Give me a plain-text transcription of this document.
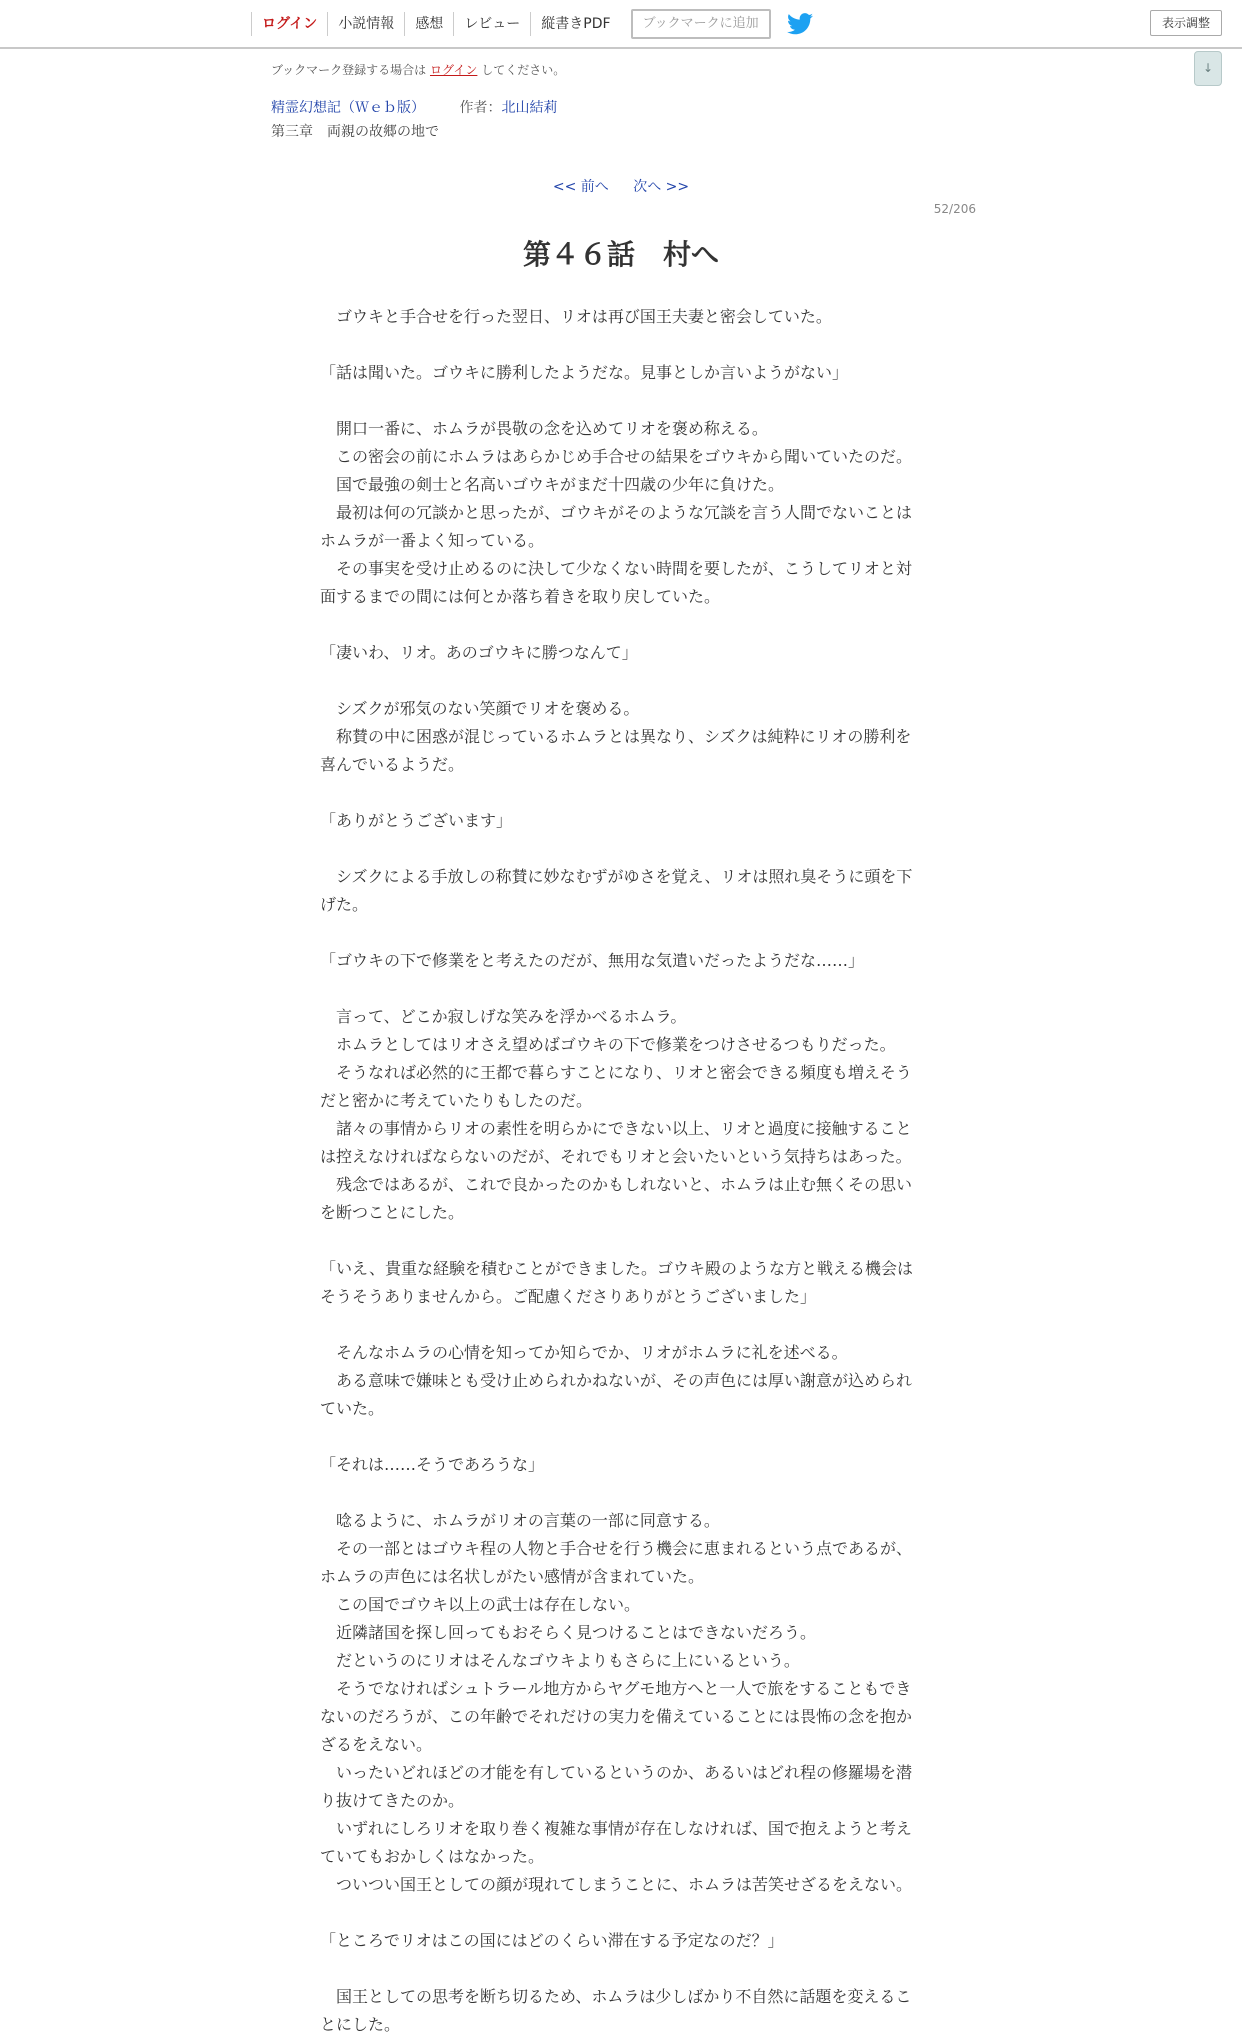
ログイン	小説情報	感想	レビュー	縦書きPDF	ブックマークに追加	表示調整
↓
ブックマーク登録する場合は ログイン してください。
精霊幻想記（Ｗｅｂ版） 作者：北山結莉
第三章　両親の故郷の地で
<< 前へ 次へ >>
52/206
第４６話　村へ
　ゴウキと手合せを行った翌日、リオは再び国王夫妻と密会していた。
「話は聞いた。ゴウキに勝利したようだな。見事としか言いようがない」
　開口一番に、ホムラが畏敬の念を込めてリオを褒め称える。
　この密会の前にホムラはあらかじめ手合せの結果をゴウキから聞いていたのだ。
　国で最強の剣士と名高いゴウキがまだ十四歳の少年に負けた。
　最初は何の冗談かと思ったが、ゴウキがそのような冗談を言う人間でないことはホムラが一番よく知っている。
　その事実を受け止めるのに決して少なくない時間を要したが、こうしてリオと対面するまでの間には何とか落ち着きを取り戻していた。
「凄いわ、リオ。あのゴウキに勝つなんて」
　シズクが邪気のない笑顔でリオを褒める。
　称賛の中に困惑が混じっているホムラとは異なり、シズクは純粋にリオの勝利を喜んでいるようだ。
「ありがとうございます」
　シズクによる手放しの称賛に妙なむずがゆさを覚え、リオは照れ臭そうに頭を下げた。
「ゴウキの下で修業をと考えたのだが、無用な気遣いだったようだな……」
　言って、どこか寂しげな笑みを浮かべるホムラ。
　ホムラとしてはリオさえ望めばゴウキの下で修業をつけさせるつもりだった。
　そうなれば必然的に王都で暮らすことになり、リオと密会できる頻度も増えそうだと密かに考えていたりもしたのだ。
　諸々の事情からリオの素性を明らかにできない以上、リオと過度に接触することは控えなければならないのだが、それでもリオと会いたいという気持ちはあった。
　残念ではあるが、これで良かったのかもしれないと、ホムラは止む無くその思いを断つことにした。
「いえ、貴重な経験を積むことができました。ゴウキ殿のような方と戦える機会はそうそうありませんから。ご配慮くださりありがとうございました」
　そんなホムラの心情を知ってか知らでか、リオがホムラに礼を述べる。
　ある意味で嫌味とも受け止められかねないが、その声色には厚い謝意が込められていた。
「それは……そうであろうな」
　唸るように、ホムラがリオの言葉の一部に同意する。
　その一部とはゴウキ程の人物と手合せを行う機会に恵まれるという点であるが、ホムラの声色には名状しがたい感情が含まれていた。
　この国でゴウキ以上の武士は存在しない。
　近隣諸国を探し回ってもおそらく見つけることはできないだろう。
　だというのにリオはそんなゴウキよりもさらに上にいるという。
　そうでなければシュトラール地方からヤグモ地方へと一人で旅をすることもできないのだろうが、この年齢でそれだけの実力を備えていることには畏怖の念を抱かざるをえない。
　いったいどれほどの才能を有しているというのか、あるいはどれ程の修羅場を潜り抜けてきたのか。
　いずれにしろリオを取り巻く複雑な事情が存在しなければ、国で抱えようと考えていてもおかしくはなかった。
　ついつい国王としての顔が現れてしまうことに、ホムラは苦笑せざるをえない。
「ところでリオはこの国にはどのくらい滞在する予定なのだ？」
　国王としての思考を断ち切るため、ホムラは少しばかり不自然に話題を変えることにした。
